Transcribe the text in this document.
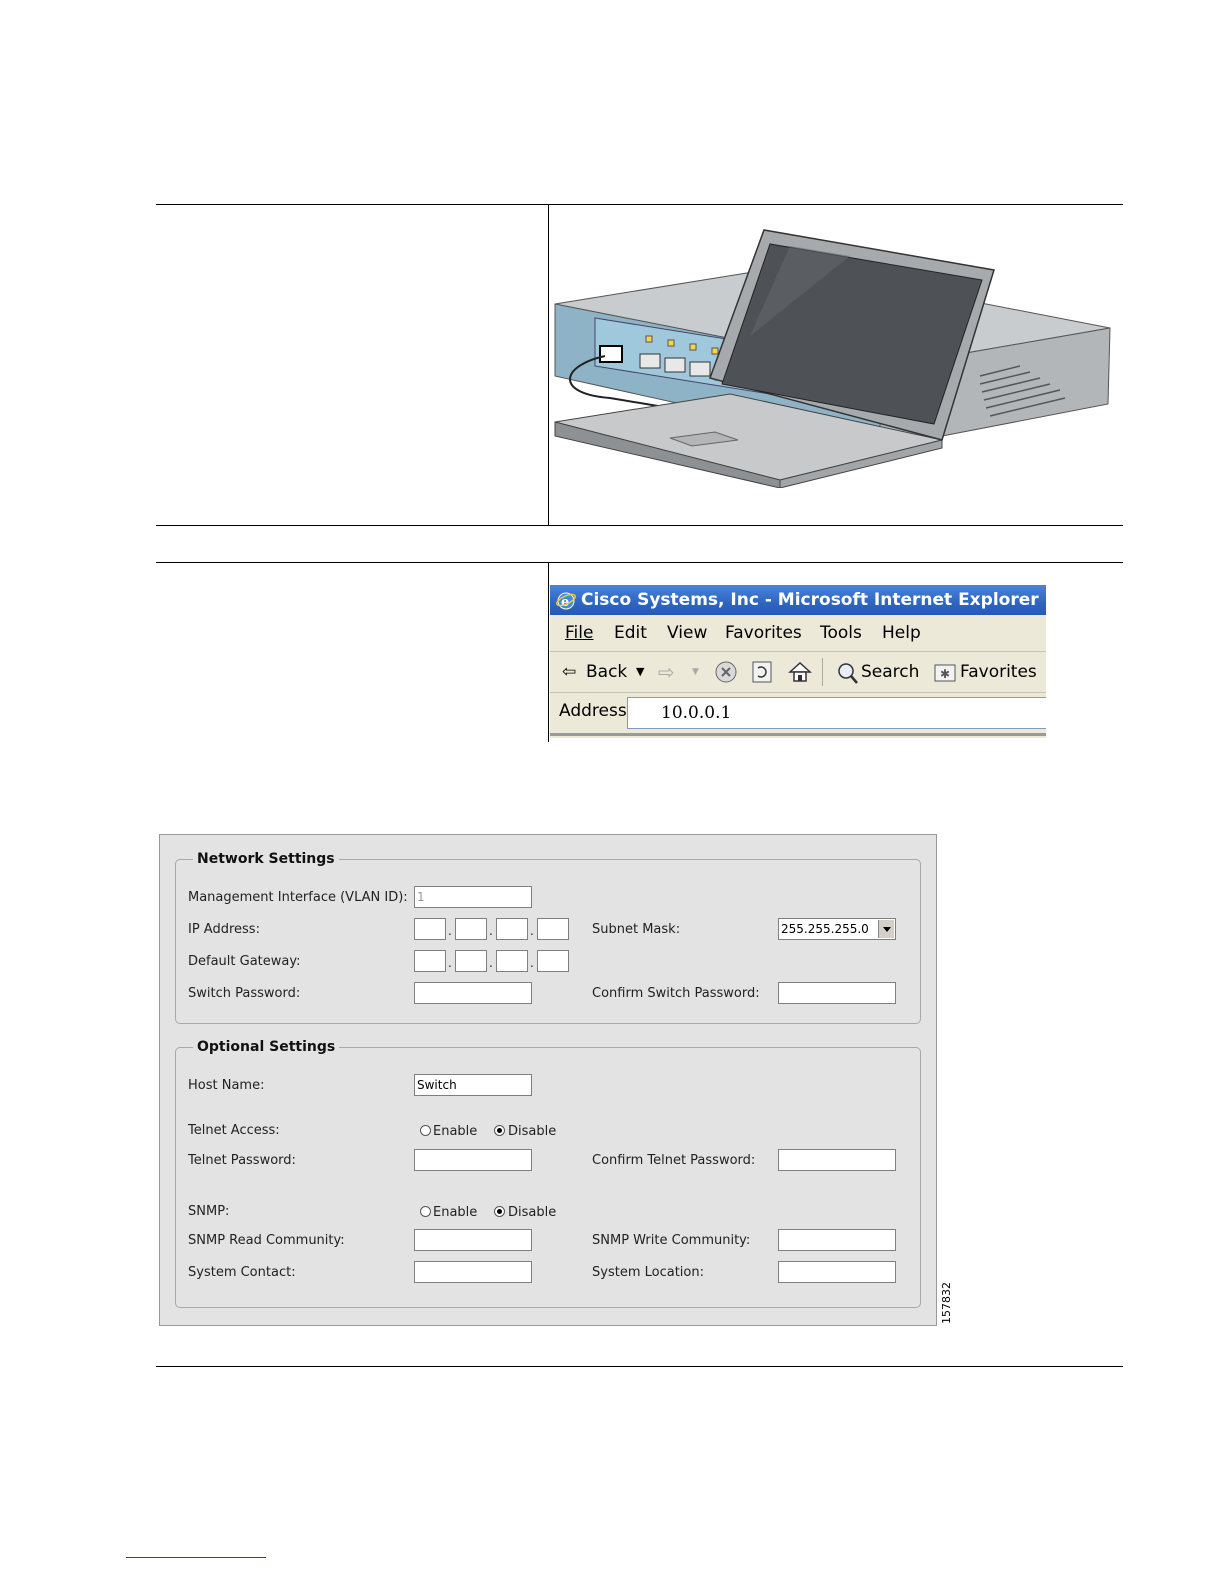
e Cisco Systems, Inc - Microsoft Internet Explorer
File Edit View Favorites Tools Help
⇦ Back ▼ ⇨ ▼	Search ✱ Favorites
Address 10.0.0.1
Network Settings
Management Interface (VLAN ID): 1
IP Address:	.	.	.	Subnet Mask:	255.255.255.0
Default Gateway:	.	.	.
Switch Password:	Confirm Switch Password:
Optional Settings
Host Name:	Switch
Telnet Access:	Enable Disable
Telnet Password:	Confirm Telnet Password:
SNMP:	Enable Disable
SNMP Read Community:	SNMP Write Community:
System Contact:	System Location:
157832
